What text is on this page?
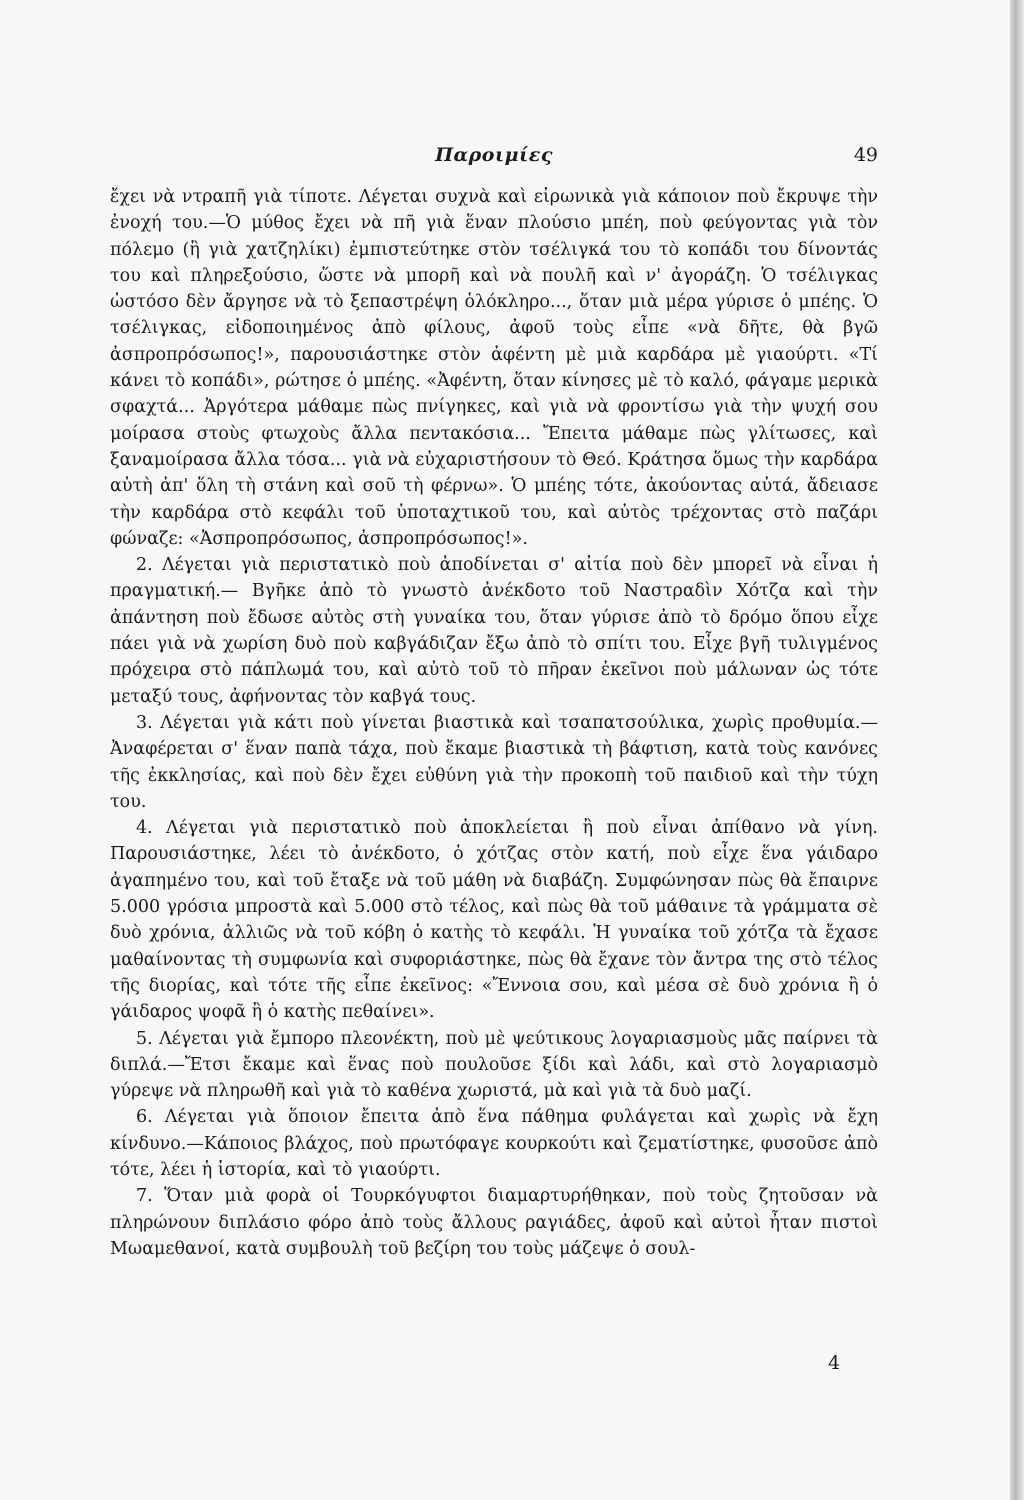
Παροιμίες	49

ἔχει νὰ ντραπῆ γιὰ τίποτε. Λέγεται συχνὰ καὶ εἰρωνικὰ γιὰ κάποιον ποὺ ἔκρυψε τὴν ἐνοχή του.—Ὁ μύθος ἔχει νὰ πῆ γιὰ ἕναν πλούσιο μπέη, ποὺ φεύγοντας γιὰ τὸν πόλεμο (ἢ γιὰ χατζηλίκι) ἐμπιστεύτηκε στὸν τσέλιγκά του τὸ κοπάδι του δίνοντάς του καὶ πληρεξούσιο, ὥστε νὰ μπορῆ καὶ νὰ πουλῆ καὶ ν' ἀγοράζη. Ὁ τσέλιγκας ὡστόσο δὲν ἄργησε νὰ τὸ ξεπαστρέψη ὁλόκληρο..., ὅταν μιὰ μέρα γύρισε ὁ μπέης. Ὁ τσέλιγκας, εἰδοποιημένος ἀπὸ φίλους, ἀφοῦ τοὺς εἶπε «νὰ δῆτε, θὰ βγῶ ἀσπροπρόσωπος!», παρουσιάστηκε στὸν ἀφέντη μὲ μιὰ καρδάρα μὲ γιαούρτι. «Τί κάνει τὸ κοπάδι», ρώτησε ὁ μπέης. «Ἀφέντη, ὅταν κίνησες μὲ τὸ καλό, φάγαμε μερικὰ σφαχτά... Ἀργότερα μάθαμε πὼς πνίγηκες, καὶ γιὰ νὰ φροντίσω γιὰ τὴν ψυχή σου μοίρασα στοὺς φτωχοὺς ἄλλα πεντακόσια... Ἔπειτα μάθαμε πὼς γλίτωσες, καὶ ξαναμοίρασα ἄλλα τόσα... γιὰ νὰ εὐχαριστήσουν τὸ Θεό. Κράτησα ὅμως τὴν καρδάρα αὐτὴ ἀπ' ὅλη τὴ στάνη καὶ σοῦ τὴ φέρνω». Ὁ μπέης τότε, ἀκούοντας αὐτά, ἄδειασε τὴν καρδάρα στὸ κεφάλι τοῦ ὑποταχτικοῦ του, καὶ αὐτὸς τρέχοντας στὸ παζάρι φώναζε: «Ἀσπροπρόσωπος, ἀσπροπρόσωπος!».

2. Λέγεται γιὰ περιστατικὸ ποὺ ἀποδίνεται σ' αἰτία ποὺ δὲν μπορεῖ νὰ εἶναι ἡ πραγματική.— Βγῆκε ἀπὸ τὸ γνωστὸ ἀνέκδοτο τοῦ Ναστραδὶν Χότζα καὶ τὴν ἀπάντηση ποὺ ἔδωσε αὐτὸς στὴ γυναίκα του, ὅταν γύρισε ἀπὸ τὸ δρόμο ὅπου εἶχε πάει γιὰ νὰ χωρίση δυὸ ποὺ καβγάδιζαν ἔξω ἀπὸ τὸ σπίτι του. Εἶχε βγῆ τυλιγμένος πρόχειρα στὸ πάπλωμά του, καὶ αὐτὸ τοῦ τὸ πῆραν ἐκεῖνοι ποὺ μάλωναν ὡς τότε μεταξύ τους, ἀφήνοντας τὸν καβγά τους.

3. Λέγεται γιὰ κάτι ποὺ γίνεται βιαστικὰ καὶ τσαπατσούλικα, χωρὶς προθυμία.—Ἀναφέρεται σ' ἕναν παπὰ τάχα, ποὺ ἔκαμε βιαστικὰ τὴ βάφτιση, κατὰ τοὺς κανόνες τῆς ἐκκλησίας, καὶ ποὺ δὲν ἔχει εὐθύνη γιὰ τὴν προκοπὴ τοῦ παιδιοῦ καὶ τὴν τύχη του.

4. Λέγεται γιὰ περιστατικὸ ποὺ ἀποκλείεται ἢ ποὺ εἶναι ἀπίθανο νὰ γίνη. Παρουσιάστηκε, λέει τὸ ἀνέκδοτο, ὁ χότζας στὸν κατή, ποὺ εἶχε ἕνα γάιδαρο ἀγαπημένο του, καὶ τοῦ ἔταξε νὰ τοῦ μάθη νὰ διαβάζη. Συμφώνησαν πὼς θὰ ἔπαιρνε 5.000 γρόσια μπροστὰ καὶ 5.000 στὸ τέλος, καὶ πὼς θὰ τοῦ μάθαινε τὰ γράμματα σὲ δυὸ χρόνια, ἀλλιῶς νὰ τοῦ κόβη ὁ κατὴς τὸ κεφάλι. Ἡ γυναίκα τοῦ χότζα τὰ ἔχασε μαθαίνοντας τὴ συμφωνία καὶ συφοριάστηκε, πὼς θὰ ἔχανε τὸν ἄντρα της στὸ τέλος τῆς διορίας, καὶ τότε τῆς εἶπε ἐκεῖνος: «Ἔννοια σου, καὶ μέσα σὲ δυὸ χρόνια ἢ ὁ γάιδαρος ψοφᾶ ἢ ὁ κατὴς πεθαίνει».

5. Λέγεται γιὰ ἔμπορο πλεονέκτη, ποὺ μὲ ψεύτικους λογαριασμοὺς μᾶς παίρνει τὰ διπλά.—Ἔτσι ἔκαμε καὶ ἕνας ποὺ πουλοῦσε ξίδι καὶ λάδι, καὶ στὸ λογαριασμὸ γύρεψε νὰ πληρωθῆ καὶ γιὰ τὸ καθένα χωριστά, μὰ καὶ γιὰ τὰ δυὸ μαζί.

6. Λέγεται γιὰ ὅποιον ἔπειτα ἀπὸ ἕνα πάθημα φυλάγεται καὶ χωρὶς νὰ ἔχη κίνδυνο.—Κάποιος βλάχος, ποὺ πρωτόφαγε κουρκούτι καὶ ζεματίστηκε, φυσοῦσε ἀπὸ τότε, λέει ἡ ἱστορία, καὶ τὸ γιαούρτι.

7. Ὅταν μιὰ φορὰ οἱ Τουρκόγυφτοι διαμαρτυρήθηκαν, ποὺ τοὺς ζητοῦσαν νὰ πληρώνουν διπλάσιο φόρο ἀπὸ τοὺς ἄλλους ραγιάδες, ἀφοῦ καὶ αὐτοὶ ἦταν πιστοὶ Μωαμεθανοί, κατὰ συμβουλὴ τοῦ βεζίρη του τοὺς μάζεψε ὁ σουλ-

4
